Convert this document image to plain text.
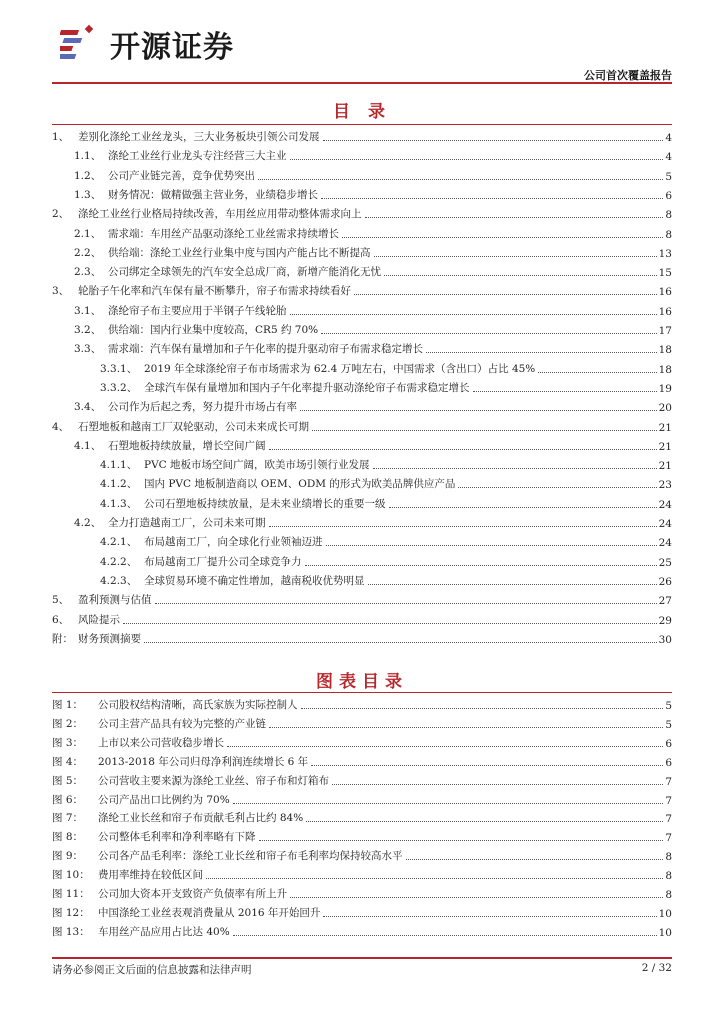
开源证券
公司首次覆盖报告
目 录
1、 差别化涤纶工业丝龙头，三大业务板块引领公司发展	4
1.1、 涤纶工业丝行业龙头专注经营三大主业	4
1.2、 公司产业链完善，竞争优势突出	5
1.3、 财务情况：做精做强主营业务，业绩稳步增长	6
2、 涤纶工业丝行业格局持续改善，车用丝应用带动整体需求向上	8
2.1、 需求端：车用丝产品驱动涤纶工业丝需求持续增长	8
2.2、 供给端：涤纶工业丝行业集中度与国内产能占比不断提高	13
2.3、 公司绑定全球领先的汽车安全总成厂商，新增产能消化无忧	15
3、 轮胎子午化率和汽车保有量不断攀升，帘子布需求持续看好	16
3.1、 涤纶帘子布主要应用于半钢子午线轮胎	16
3.2、 供给端：国内行业集中度较高，CR5 约 70%	17
3.3、 需求端：汽车保有量增加和子午化率的提升驱动帘子布需求稳定增长	18
3.3.1、 2019 年全球涤纶帘子布市场需求为 62.4 万吨左右，中国需求（含出口）占比 45%	18
3.3.2、 全球汽车保有量增加和国内子午化率提升驱动涤纶帘子布需求稳定增长	19
3.4、 公司作为后起之秀，努力提升市场占有率	20
4、 石塑地板和越南工厂双轮驱动，公司未来成长可期	21
4.1、 石塑地板持续放量，增长空间广阔	21
4.1.1、 PVC 地板市场空间广阔，欧美市场引领行业发展	21
4.1.2、 国内 PVC 地板制造商以 OEM、ODM 的形式为欧美品牌供应产品	23
4.1.3、 公司石塑地板持续放量，是未来业绩增长的重要一级	24
4.2、 全力打造越南工厂，公司未来可期	24
4.2.1、 布局越南工厂，向全球化行业领袖迈进	24
4.2.2、 布局越南工厂提升公司全球竞争力	25
4.2.3、 全球贸易环境不确定性增加，越南税收优势明显	26
5、 盈利预测与估值	27
6、 风险提示	29
附： 财务预测摘要	30
图表目录
图 1：	公司股权结构清晰，高氏家族为实际控制人	5
图 2：	公司主营产品具有较为完整的产业链	5
图 3：	上市以来公司营收稳步增长	6
图 4：	2013-2018 年公司归母净利润连续增长 6 年	6
图 5：	公司营收主要来源为涤纶工业丝、帘子布和灯箱布	7
图 6：	公司产品出口比例约为 70%	7
图 7：	涤纶工业长丝和帘子布贡献毛利占比约 84%	7
图 8：	公司整体毛利率和净利率略有下降	7
图 9：	公司各产品毛利率：涤纶工业长丝和帘子布毛利率均保持较高水平	8
图 10： 费用率维持在较低区间	8
图 11： 公司加大资本开支致资产负债率有所上升	8
图 12： 中国涤纶工业丝表观消费量从 2016 年开始回升	10
图 13： 车用丝产品应用占比达 40%	10
请务必参阅正文后面的信息披露和法律声明	2 / 32
